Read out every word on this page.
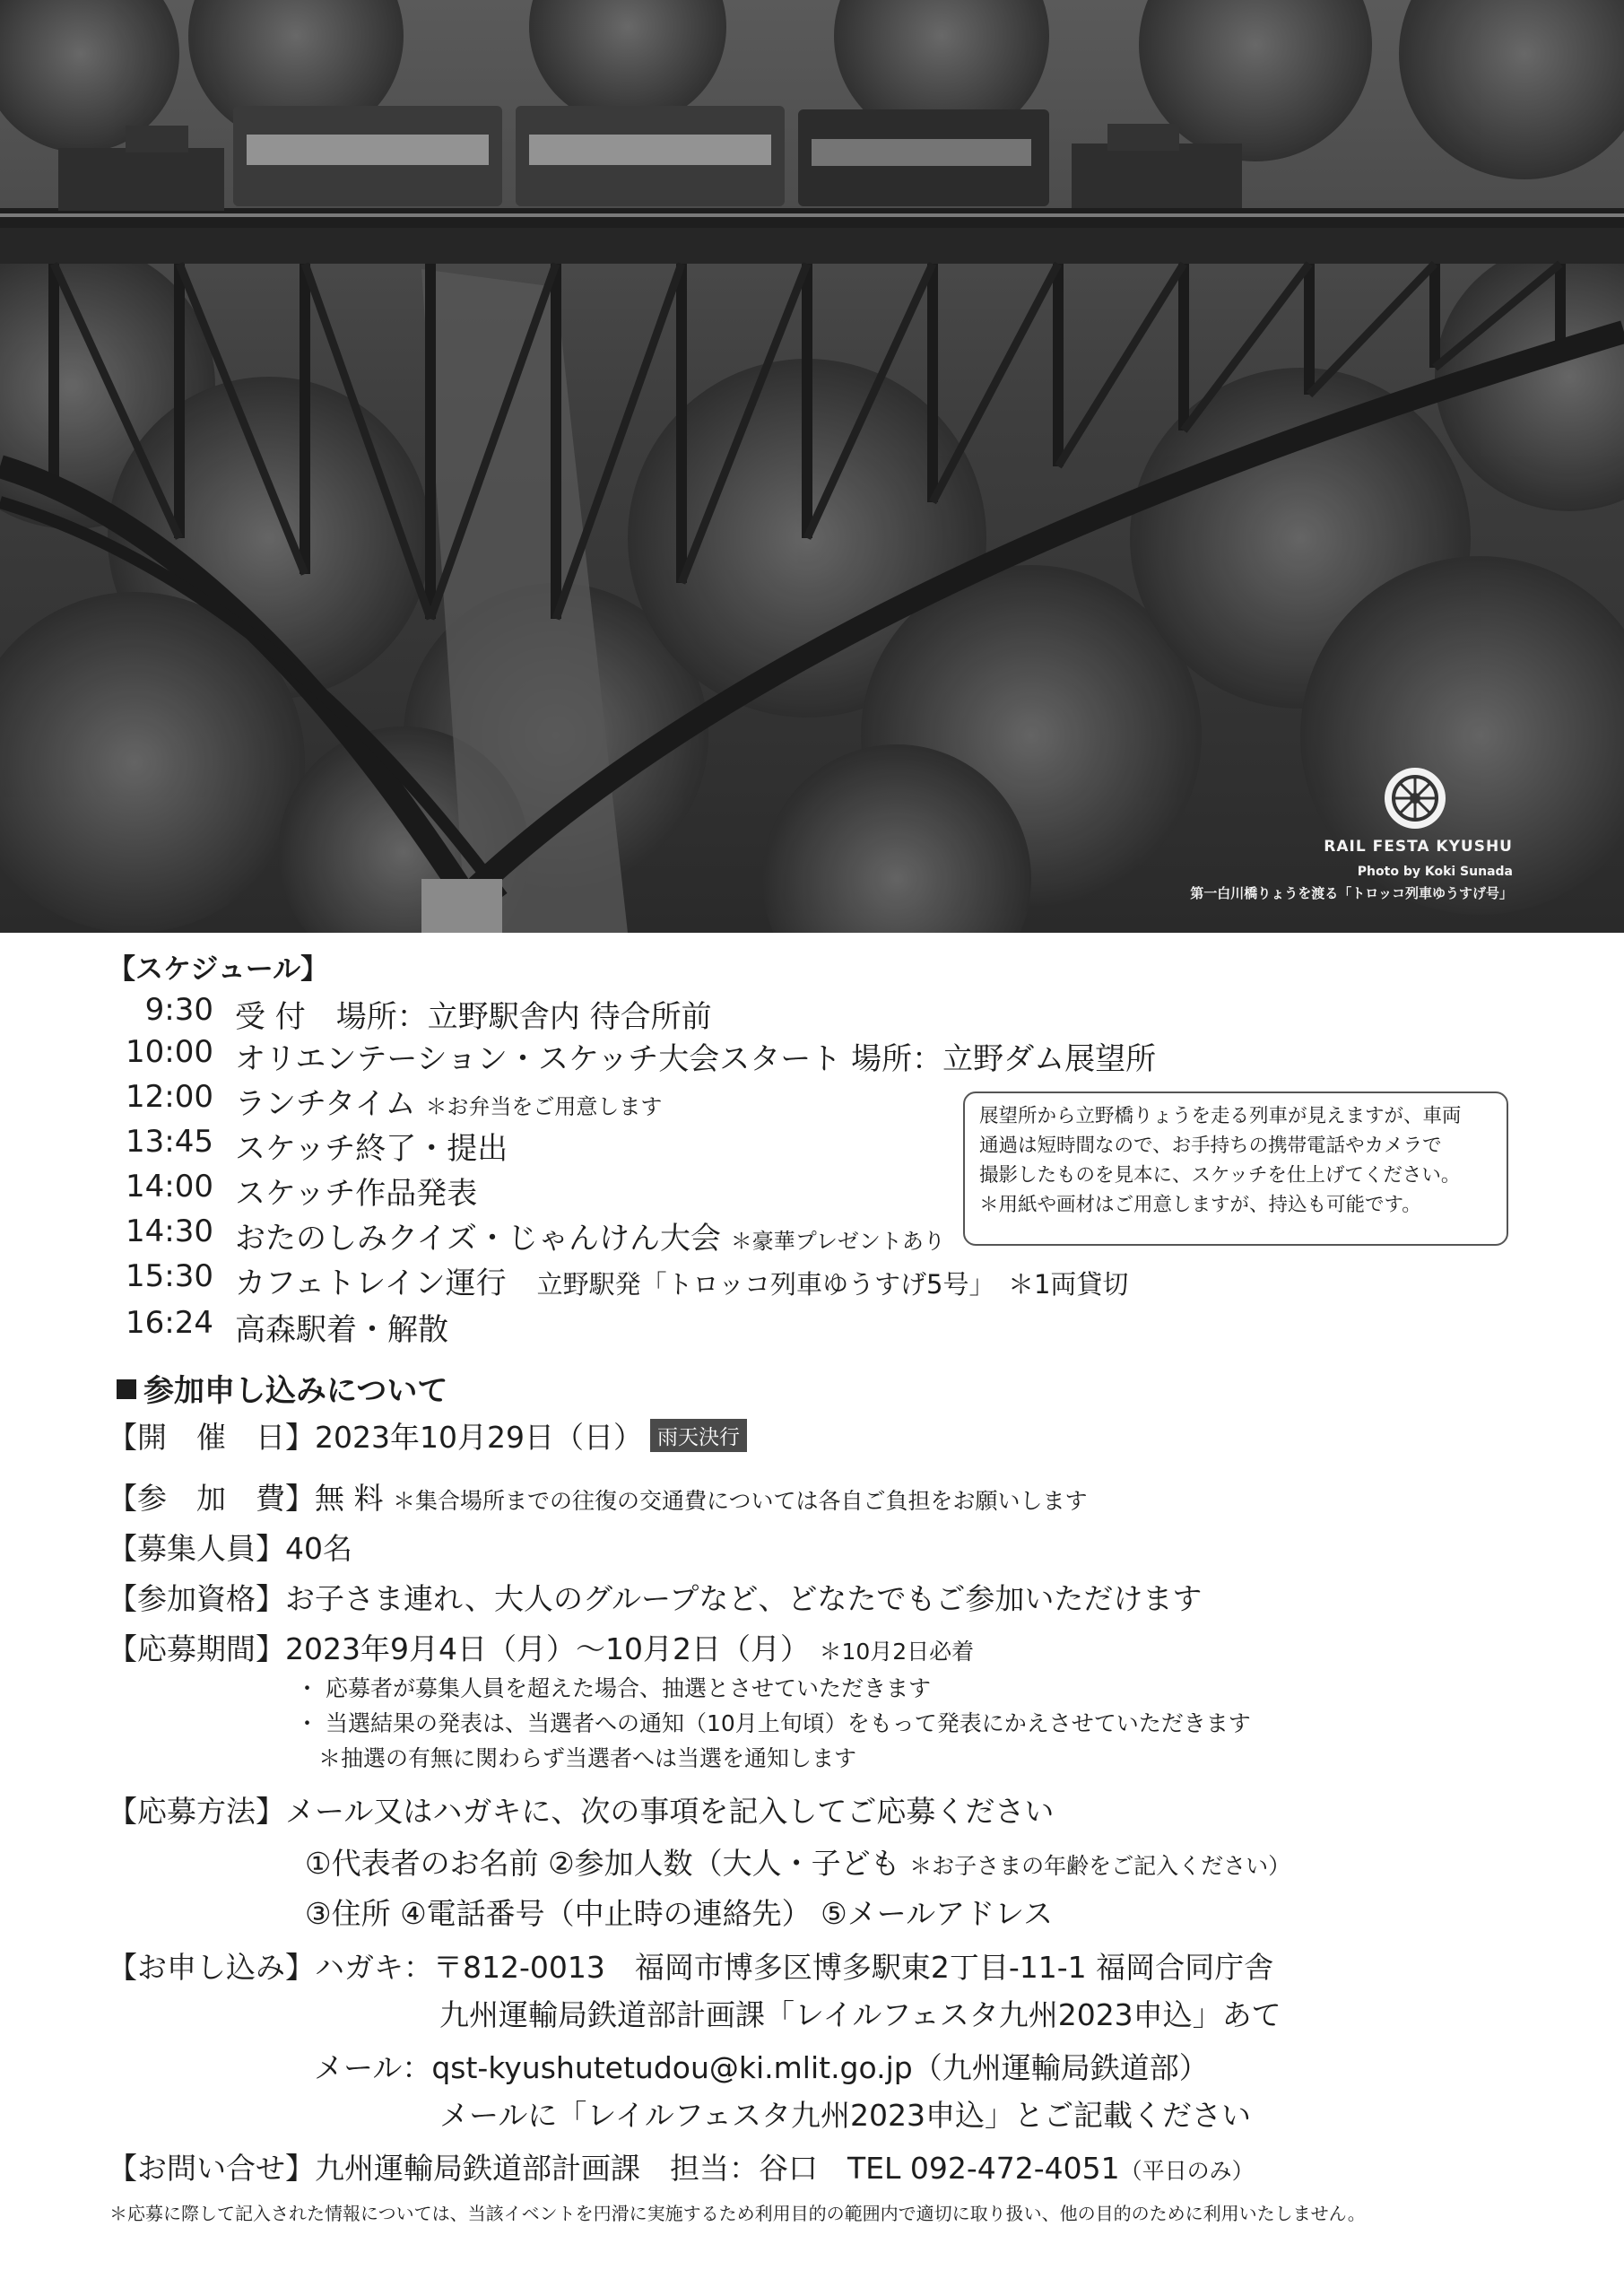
RAIL FESTA KYUSHU
Photo by Koki Sunada
第一白川橋りょうを渡る「トロッコ列車ゆうすげ号」
【スケジュール】
9:30 受 付　場所：立野駅舎内 待合所前
10:00 オリエンテーション・スケッチ大会スタート 場所：立野ダム展望所
12:00 ランチタイム ＊お弁当をご用意します
13:45 スケッチ終了・提出
14:00 スケッチ作品発表
14:30 おたのしみクイズ・じゃんけん大会 ＊豪華プレゼントあり
15:30 カフェトレイン運行　 立野駅発「トロッコ列車ゆうすげ5号」　＊1両貸切
16:24 高森駅着・解散
展望所から立野橋りょうを走る列車が見えますが、車両
通過は短時間なので、お手持ちの携帯電話やカメラで
撮影したものを見本に、スケッチを仕上げてください。
＊用紙や画材はご用意しますが、持込も可能です。
参加申し込みについて
【開　催　日】2023年10月29日（日） 雨天決行
【参　加　費】無 料 ＊集合場所までの往復の交通費については各自ご負担をお願いします
【募集人員】40名
【参加資格】お子さま連れ、大人のグループなど、どなたでもご参加いただけます
【応募期間】2023年9月4日（月）～10月2日（月） ＊10月2日必着
・ 応募者が募集人員を超えた場合、抽選とさせていただきます
・ 当選結果の発表は、当選者への通知（10月上旬頃）をもって発表にかえさせていただきます
　＊抽選の有無に関わらず当選者へは当選を通知します
【応募方法】メール又はハガキに、次の事項を記入してご応募ください
①代表者のお名前 ②参加人数（大人・子ども ＊お子さまの年齢をご記入ください）
③住所 ④電話番号（中止時の連絡先） ⑤メールアドレス
【お申し込み】ハガキ：〒812-0013　福岡市博多区博多駅東2丁目-11-1 福岡合同庁舎
九州運輸局鉄道部計画課「レイルフェスタ九州2023申込」あて
メール：qst-kyushutetudou@ki.mlit.go.jp（九州運輸局鉄道部）
メールに「レイルフェスタ九州2023申込」とご記載ください
【お問い合せ】九州運輸局鉄道部計画課　担当：谷口　TEL 092-472-4051（平日のみ）
＊応募に際して記入された情報については、当該イベントを円滑に実施するため利用目的の範囲内で適切に取り扱い、他の目的のために利用いたしません。
